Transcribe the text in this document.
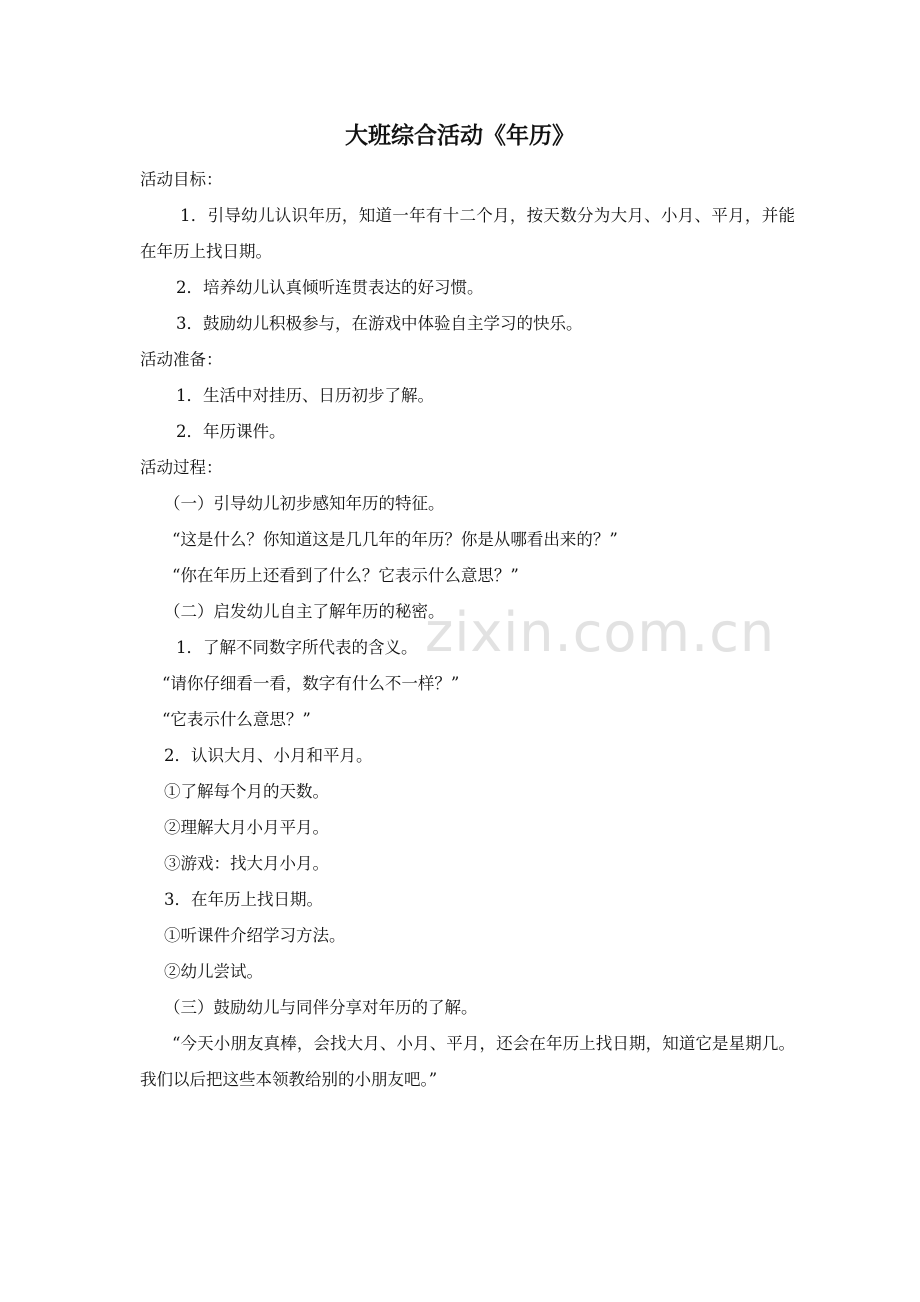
zixin.com.cn
大班综合活动《年历》
活动目标：
1．引导幼儿认识年历，知道一年有十二个月，按天数分为大月、小月、平月，并能在年历上找日期。
2．培养幼儿认真倾听连贯表达的好习惯。
3．鼓励幼儿积极参与，在游戏中体验自主学习的快乐。
活动准备：
1．生活中对挂历、日历初步了解。
2．年历课件。
活动过程：
（一）引导幼儿初步感知年历的特征。
“这是什么？你知道这是几几年的年历？你是从哪看出来的？”
“你在年历上还看到了什么？它表示什么意思？”
（二）启发幼儿自主了解年历的秘密。
1．了解不同数字所代表的含义。
“请你仔细看一看，数字有什么不一样？”
“它表示什么意思？”
2．认识大月、小月和平月。
①了解每个月的天数。
②理解大月小月平月。
③游戏：找大月小月。
3．在年历上找日期。
①听课件介绍学习方法。
②幼儿尝试。
（三）鼓励幼儿与同伴分享对年历的了解。
“今天小朋友真棒，会找大月、小月、平月，还会在年历上找日期，知道它是星期几。我们以后把这些本领教给别的小朋友吧。”
